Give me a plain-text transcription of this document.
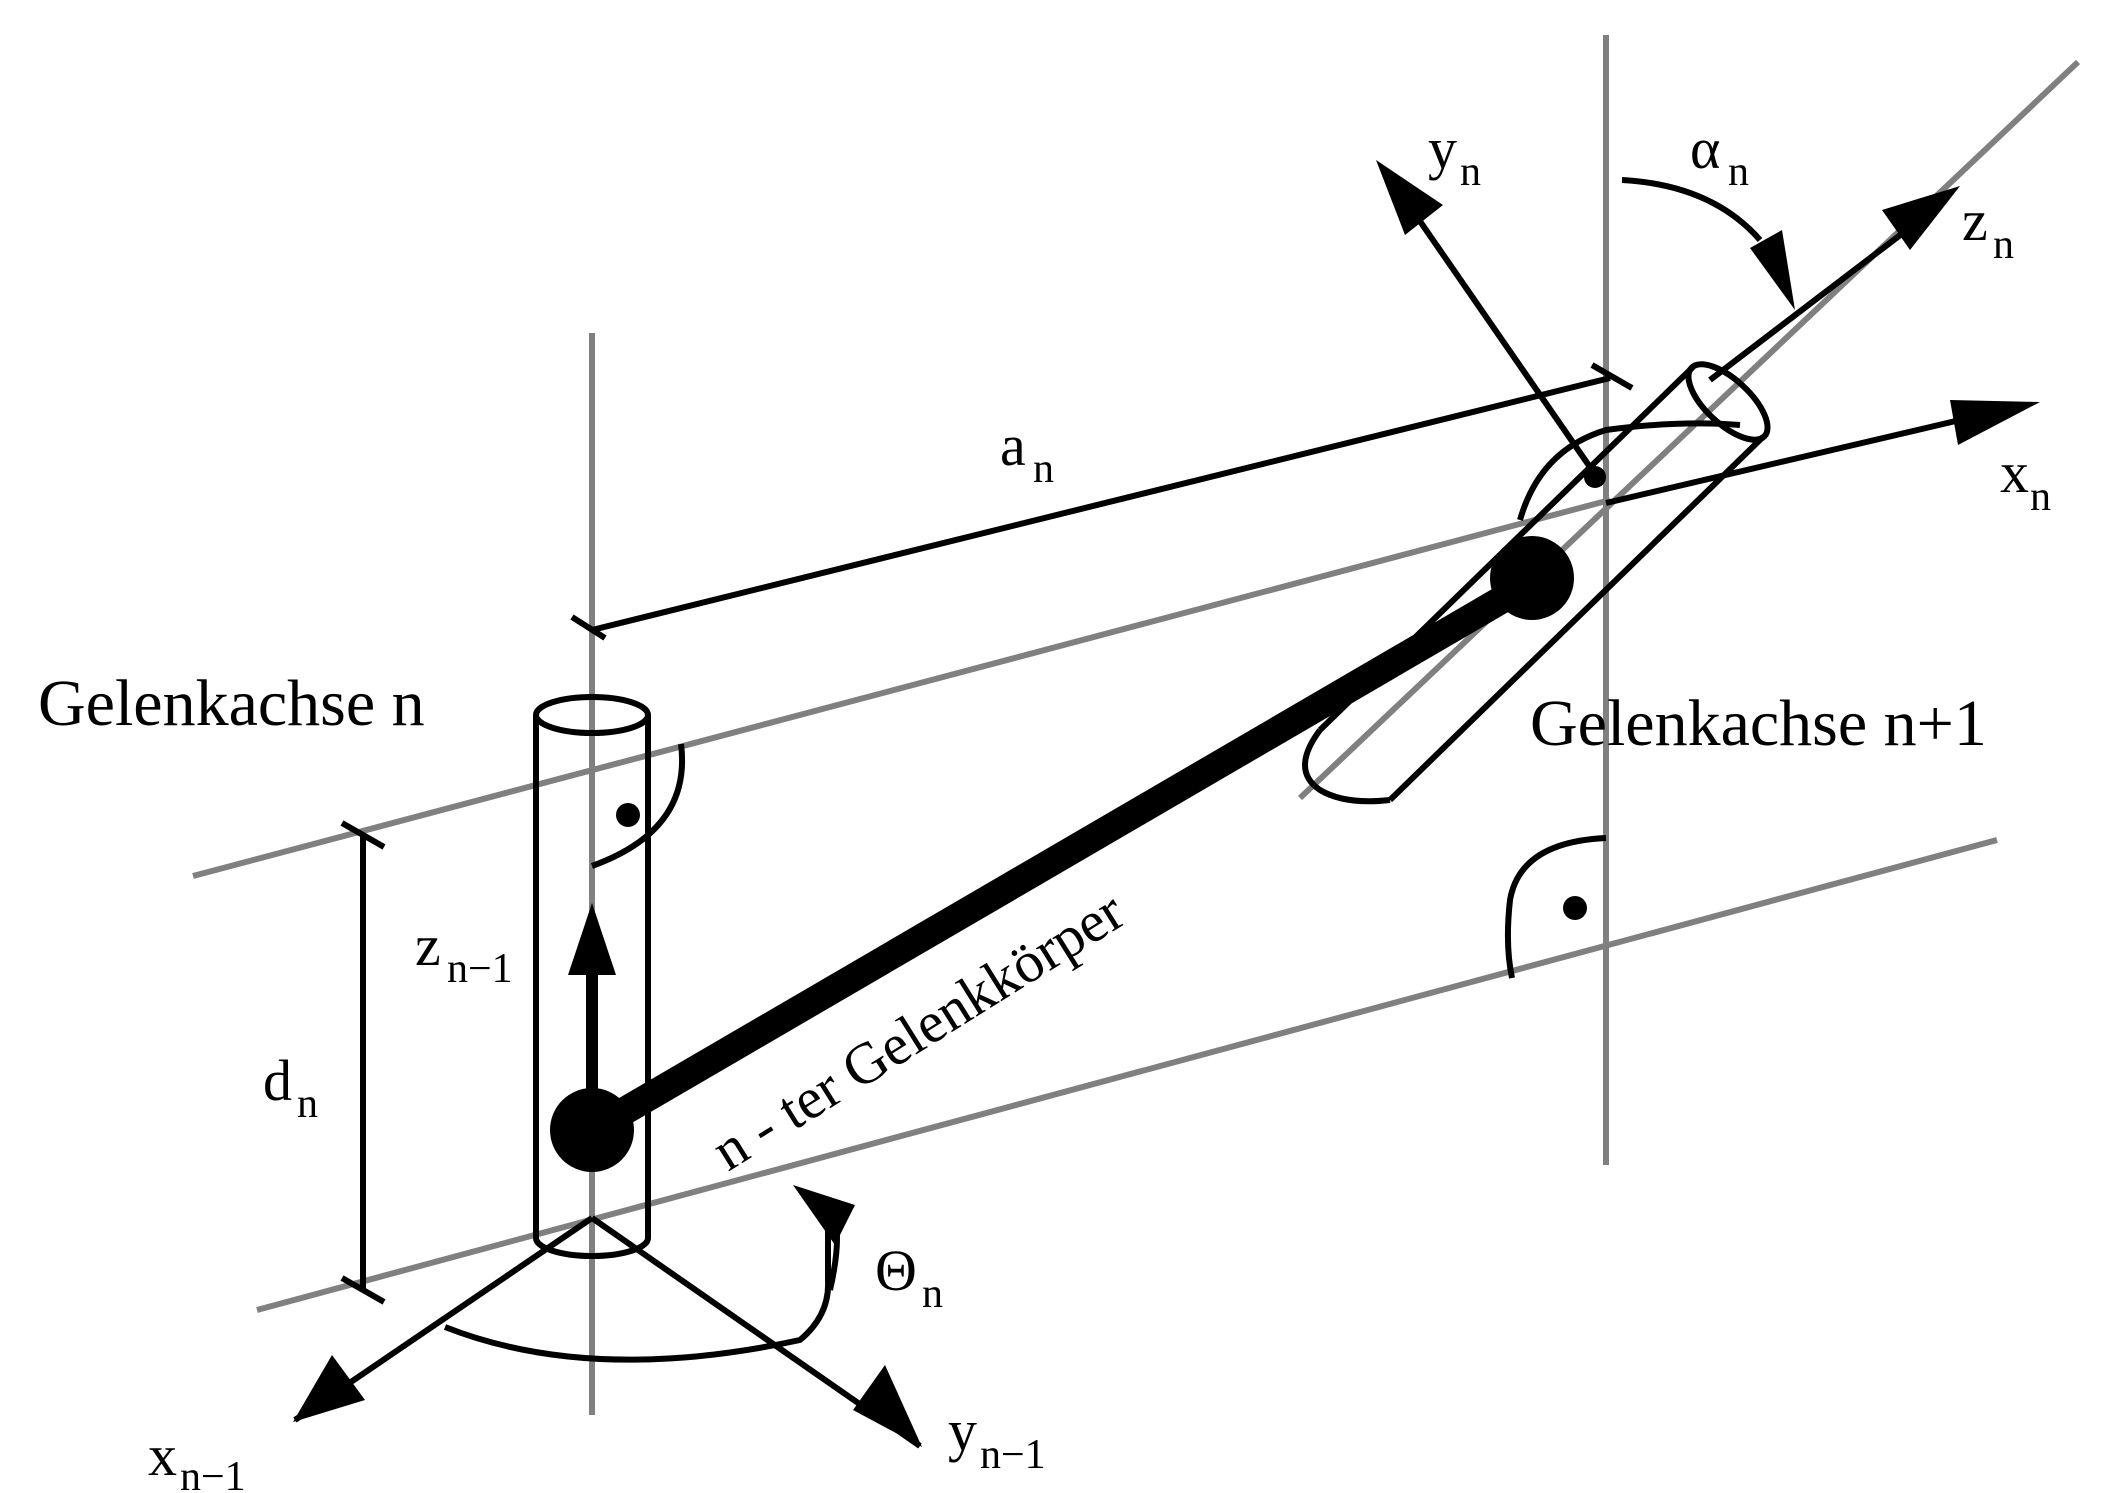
Gelenkachse n	Gelenkachse n+1
n - ter Gelenkkörper
a n
d n
Θ n
α n
x n
y n
z n
x n−1
y n−1
z n−1
